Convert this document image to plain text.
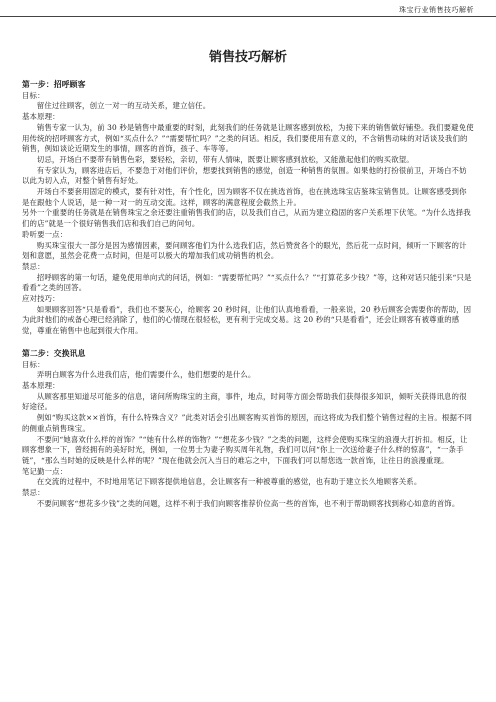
珠宝行业销售技巧解析
销售技巧解析

第一步：招呼顾客

目标：

留住过往顾客，创立一对一的互动关系，建立信任。

基本原理：

销售专家一认为，前 30 秒是销售中最重要的时刻，此刻我们的任务就是让顾客感到放松，为接下来的销售做好铺垫。我们要避免使用传统的招呼顾客方式，例如“买点什么？”“需要帮忙吗？”之类的问话。相反，我们要使用有意义的，不含销售动味的对话谈及我们的销售，例如谈论近期发生的事情，顾客的首饰，孩子、车等等。

切忌，开场白不要带有销售色彩，要轻松，亲切，带有人情味，既要让顾客感到放松，又能激起他们的购买欲望。

有专家认为，顾客进店后，不要急于对他们评价，想要找到销售的感觉，创造一种销售的氛围。如果他的打扮很前卫，开场白不妨以此为切入点，对整个销售有好处。

开场白不要套用固定的模式，要有针对性，有个性化，因为顾客不仅在挑选首饰，也在挑选珠宝店鉴珠宝销售员。让顾客感受到你是在跟他个人说话，是一种一对一的互动交流。这样，顾客的满意程度会截然上升。

另外一个重要的任务就是在销售珠宝之余还要注重销售我们的店，以及我们自己，从而为建立稳固的客户关系埋下伏笔。“为什么选择我们的店”就是一个很好销售我们店和我们自己的问句。

聆听要一点：

购买珠宝很大一部分是因为感情因素，要问顾客他们为什么选我们店，然后赞赏各个的眼光，然后花一点时间，倾听一下顾客的计划和意愿，虽然会花费一点时间，但是可以极大的增加我们成功销售的机会。

禁忌：

招呼顾客的第一句话，避免使用单向式的问话，例如：“需要帮忙吗？”“买点什么？”“打算花多少钱？”等，这种对话只能引来“只是看看”之类的回答。

应对技巧：

如果顾客回答“只是看看”，我们也不要灰心，给顾客 20 秒时间，让他们认真地看看，一般来说，20 秒后顾客会需要你的帮助，因为此时他们的戒备心理已经消除了，他们的心情现在很轻松，更有利于完成交易。这 20 秒的“只是看看”，还会让顾客有被尊重的感觉，尊重在销售中也起到很大作用。

第二步：交换讯息

目标：

弄明白顾客为什么进我们店，他们需要什么，他们想要的是什么。

基本原理：

从顾客那里知道尽可能多的信息，诸问所购珠宝的主商，事件，地点，时间等方面会帮助我们获得很多知识，倾听关获得讯息的很好途径。

例如“购买这款××首饰，有什么特殊含义？”此类对话会引出顾客购买首饰的原因，而这将成为我们整个销售过程的主旨。根据不同的侧重点销售珠宝。

不要问“她喜欢什么样的首饰？”“她有什么样的饰物？”“想花多少钱？”之类的问题，这样会使购买珠宝的浪漫大打折扣。相反，让顾客想象一下，曾经拥有的美好时光，例如，一位男士为妻子购买周年礼物，我们可以问“你上一次送给妻子什么样的惊喜”，“一条手链”，“那么当时她的反映是什么样的呢？”现在他就会沉入当日的难忘之中，下面我们可以帮您选一款首饰，让往日的浪漫重现。

笔记勤一点：

在交流的过程中，不时地用笔记下顾客提供地信息，会让顾客有一种被尊重的感觉，也有助于建立长久地顾客关系。

禁忌：

不要问顾客“想花多少钱”之类的问题，这样不利于我们向顾客推荐价位高一些的首饰，也不利于帮助顾客找到称心如意的首饰。
